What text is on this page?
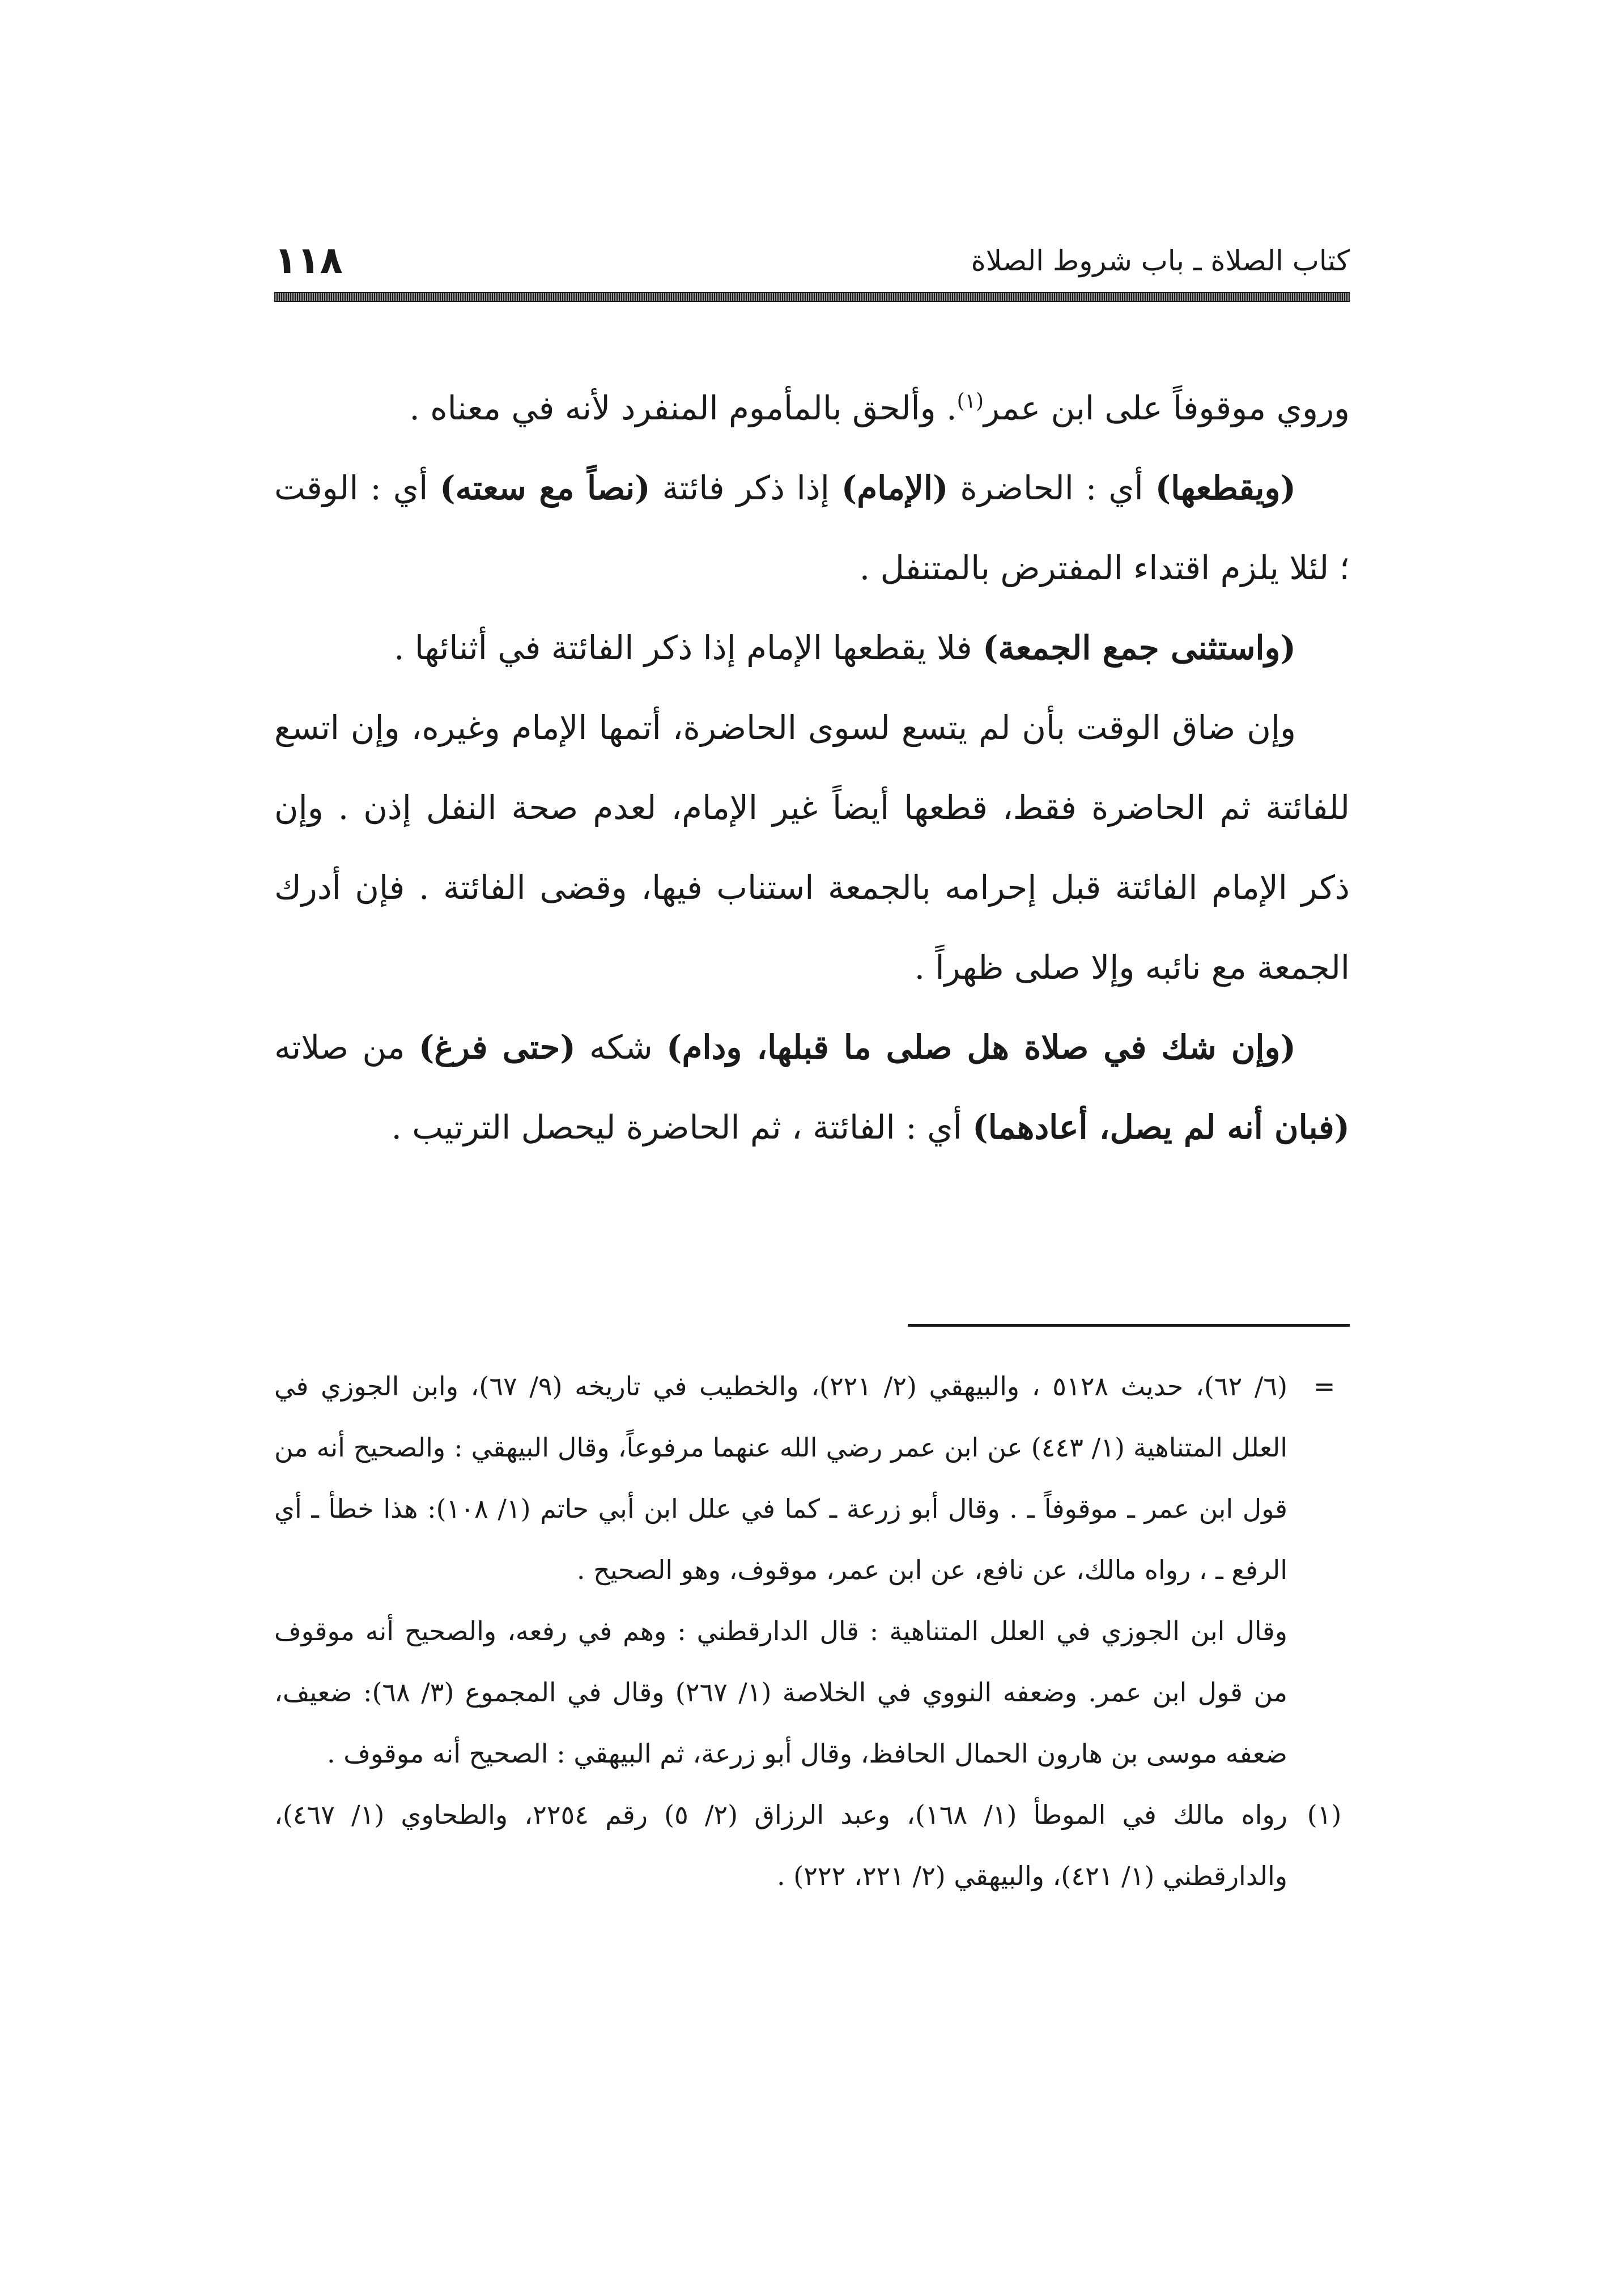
١١٨	كتاب الصلاة ـ باب شروط الصلاة

وروي موقوفاً على ابن عمر$^{(١)}$. وألحق بالمأموم المنفرد لأنه في معناه .

(ويقطعها) أي : الحاضرة (الإمام) إذا ذكر فائتة (نصاً مع سعته) أي : الوقت ؛ لئلا يلزم اقتداء المفترض بالمتنفل .

(واستثنى جمع الجمعة) فلا يقطعها الإمام إذا ذكر الفائتة في أثنائها .

وإن ضاق الوقت بأن لم يتسع لسوى الحاضرة، أتمها الإمام وغيره، وإن اتسع للفائتة ثم الحاضرة فقط، قطعها أيضاً غير الإمام، لعدم صحة النفل إذن . وإن ذكر الإمام الفائتة قبل إحرامه بالجمعة استناب فيها، وقضى الفائتة . فإن أدرك الجمعة مع نائبه وإلا صلى ظهراً .

(وإن شك في صلاة هل صلى ما قبلها، ودام) شكه (حتى فرغ) من صلاته (فبان أنه لم يصل، أعادهما) أي : الفائتة ، ثم الحاضرة ليحصل الترتيب .

=

(٦/ ٦٢)، حديث ٥١٢٨ ، والبيهقي (٢/ ٢٢١)، والخطيب في تاريخه (٩/ ٦٧)، وابن الجوزي في العلل المتناهية (١/ ٤٤٣) عن ابن عمر رضي الله عنهما مرفوعاً، وقال البيهقي : والصحيح أنه من قول ابن عمر ـ موقوفاً ـ . وقال أبو زرعة ـ كما في علل ابن أبي حاتم (١/ ١٠٨): هذا خطأ ـ أي الرفع ـ ، رواه مالك، عن نافع، عن ابن عمر، موقوف، وهو الصحيح .

وقال ابن الجوزي في العلل المتناهية : قال الدارقطني : وهم في رفعه، والصحيح أنه موقوف من قول ابن عمر. وضعفه النووي في الخلاصة (١/ ٢٦٧) وقال في المجموع (٣/ ٦٨): ضعيف، ضعفه موسى بن هارون الحمال الحافظ، وقال أبو زرعة، ثم البيهقي : الصحيح أنه موقوف .

(١)

رواه مالك في الموطأ (١/ ١٦٨)، وعبد الرزاق (٢/ ٥) رقم ٢٢٥٤، والطحاوي (١/ ٤٦٧)، والدارقطني (١/ ٤٢١)، والبيهقي (٢/ ٢٢١، ٢٢٢) .
